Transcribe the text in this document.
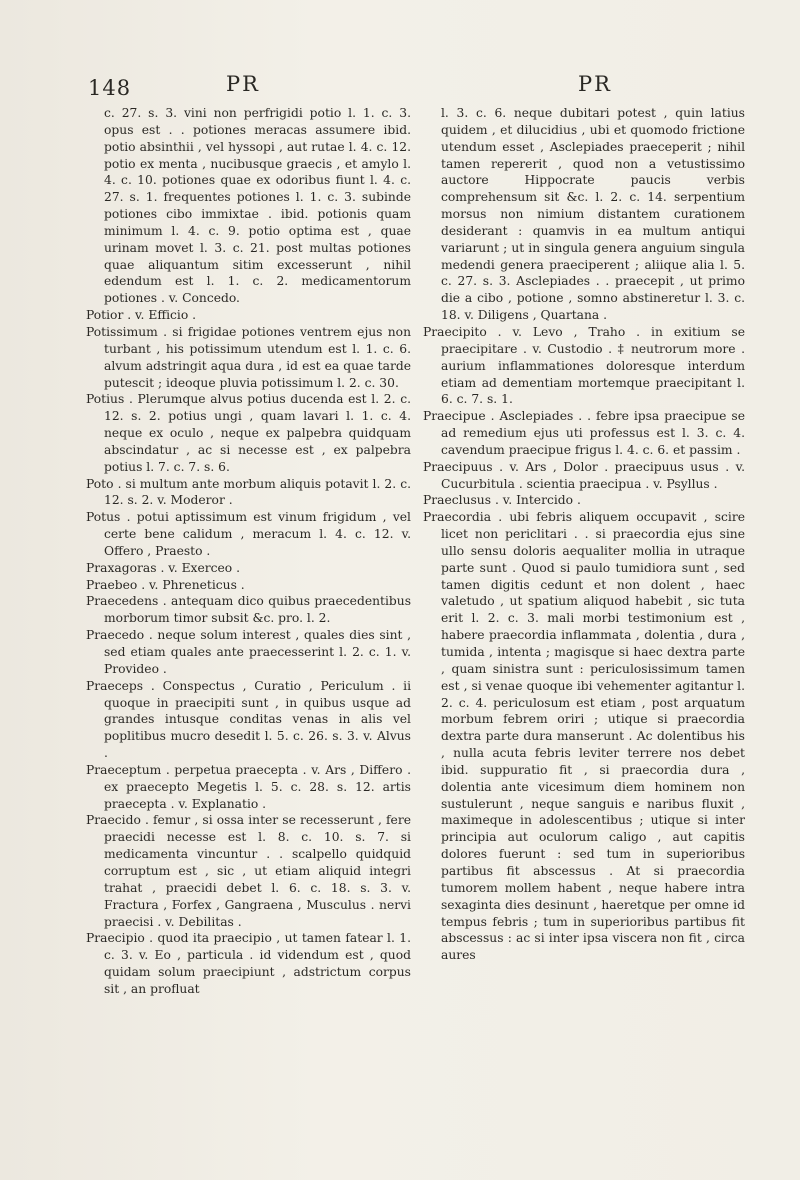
148	PR	PR

c. 27. s. 3. vini non perfrigidi potio l. 1. c. 3. opus est . . potiones meracas assumere ibid. potio absinthii , vel hyssopi , aut rutae l. 4. c. 12. potio ex menta , nucibusque graecis , et amylo l. 4. c. 10. potiones quae ex odoribus fiunt l. 4. c. 27. s. 1. frequentes potiones l. 1. c. 3. subinde potiones cibo immixtae . ibid. potionis quam minimum l. 4. c. 9. potio optima est , quae urinam movet l. 3. c. 21. post multas potiones quae aliquantum sitim excesserunt , nihil edendum est l. 1. c. 2. medicamentorum potiones . v. Concedo.

Potior . v. Efficio .

Potissimum . si frigidae potiones ventrem ejus non turbant , his potissimum utendum est l. 1. c. 6. alvum adstringit aqua dura , id est ea quae tarde putescit ; ideoque pluvia potissimum l. 2. c. 30.

Potius . Plerumque alvus potius ducenda est l. 2. c. 12. s. 2. potius ungi , quam lavari l. 1. c. 4. neque ex oculo , neque ex palpebra quidquam abscindatur , ac si necesse est , ex palpebra potius l. 7. c. 7. s. 6.

Poto . si multum ante morbum aliquis potavit l. 2. c. 12. s. 2. v. Moderor .

Potus . potui aptissimum est vinum frigidum , vel certe bene calidum , meracum l. 4. c. 12. v. Offero , Praesto .

Praxagoras . v. Exerceo .

Praebeo . v. Phreneticus .

Praecedens . antequam dico quibus praecedentibus morborum timor subsit &c. pro. l. 2.

Praecedo . neque solum interest , quales dies sint , sed etiam quales ante praecesserint l. 2. c. 1. v. Provideo .

Praeceps . Conspectus , Curatio , Periculum . ii quoque in praecipiti sunt , in quibus usque ad grandes intusque conditas venas in alis vel poplitibus mucro desedit l. 5. c. 26. s. 3. v. Alvus .

Praeceptum . perpetua praecepta . v. Ars , Differo . ex praecepto Megetis l. 5. c. 28. s. 12. artis praecepta . v. Explanatio .

Praecido . femur , si ossa inter se recesserunt , fere praecidi necesse est l. 8. c. 10. s. 7. si medicamenta vincuntur . . scalpello quidquid corruptum est , sic , ut etiam aliquid integri trahat , praecidi debet l. 6. c. 18. s. 3. v. Fractura , Forfex , Gangraena , Musculus . nervi praecisi . v. Debilitas .

Praecipio . quod ita praecipio , ut tamen fatear l. 1. c. 3. v. Eo , particula . id videndum est , quod quidam solum praecipiunt , adstrictum corpus sit , an profluat

l. 3. c. 6. neque dubitari potest , quin latius quidem , et dilucidius , ubi et quomodo frictione utendum esset , Asclepiades praeceperit ; nihil tamen repererit , quod non a vetustissimo auctore Hippocrate paucis verbis comprehensum sit &c. l. 2. c. 14. serpentium morsus non nimium distantem curationem desiderant : quamvis in ea multum antiqui variarunt ; ut in singula genera anguium singula medendi genera praeciperent ; aliique alia l. 5. c. 27. s. 3. Asclepiades . . praecepit , ut primo die a cibo , potione , somno abstineretur l. 3. c. 18. v. Diligens , Quartana .

Praecipito . v. Levo , Traho . in exitium se praecipitare . v. Custodio . ‡ neutrorum more . aurium inflammationes doloresque interdum etiam ad dementiam mortemque praecipitant l. 6. c. 7. s. 1.

Praecipue . Asclepiades . . febre ipsa praecipue se ad remedium ejus uti professus est l. 3. c. 4. cavendum praecipue frigus l. 4. c. 6. et passim .

Praecipuus . v. Ars , Dolor . praecipuus usus . v. Cucurbitula . scientia praecipua . v. Psyllus .

Praeclusus . v. Intercido .

Praecordia . ubi febris aliquem occupavit , scire licet non periclitari . . si praecordia ejus sine ullo sensu doloris aequaliter mollia in utraque parte sunt . Quod si paulo tumidiora sunt , sed tamen digitis cedunt et non dolent , haec valetudo , ut spatium aliquod habebit , sic tuta erit l. 2. c. 3. mali morbi testimonium est , habere praecordia inflammata , dolentia , dura , tumida , intenta ; magisque si haec dextra parte , quam sinistra sunt : periculosissimum tamen est , si venae quoque ibi vehementer agitantur l. 2. c. 4. periculosum est etiam , post arquatum morbum febrem oriri ; utique si praecordia dextra parte dura manserunt . Ac dolentibus his , nulla acuta febris leviter terrere nos debet ibid. suppuratio fit , si praecordia dura , dolentia ante vicesimum diem hominem non sustulerunt , neque sanguis e naribus fluxit , maximeque in adolescentibus ; utique si inter principia aut oculorum caligo , aut capitis dolores fuerunt : sed tum in superioribus partibus fit abscessus . At si praecordia tumorem mollem habent , neque habere intra sexaginta dies desinunt , haeretque per omne id tempus febris ; tum in superioribus partibus fit abscessus : ac si inter ipsa viscera non fit , circa aures
